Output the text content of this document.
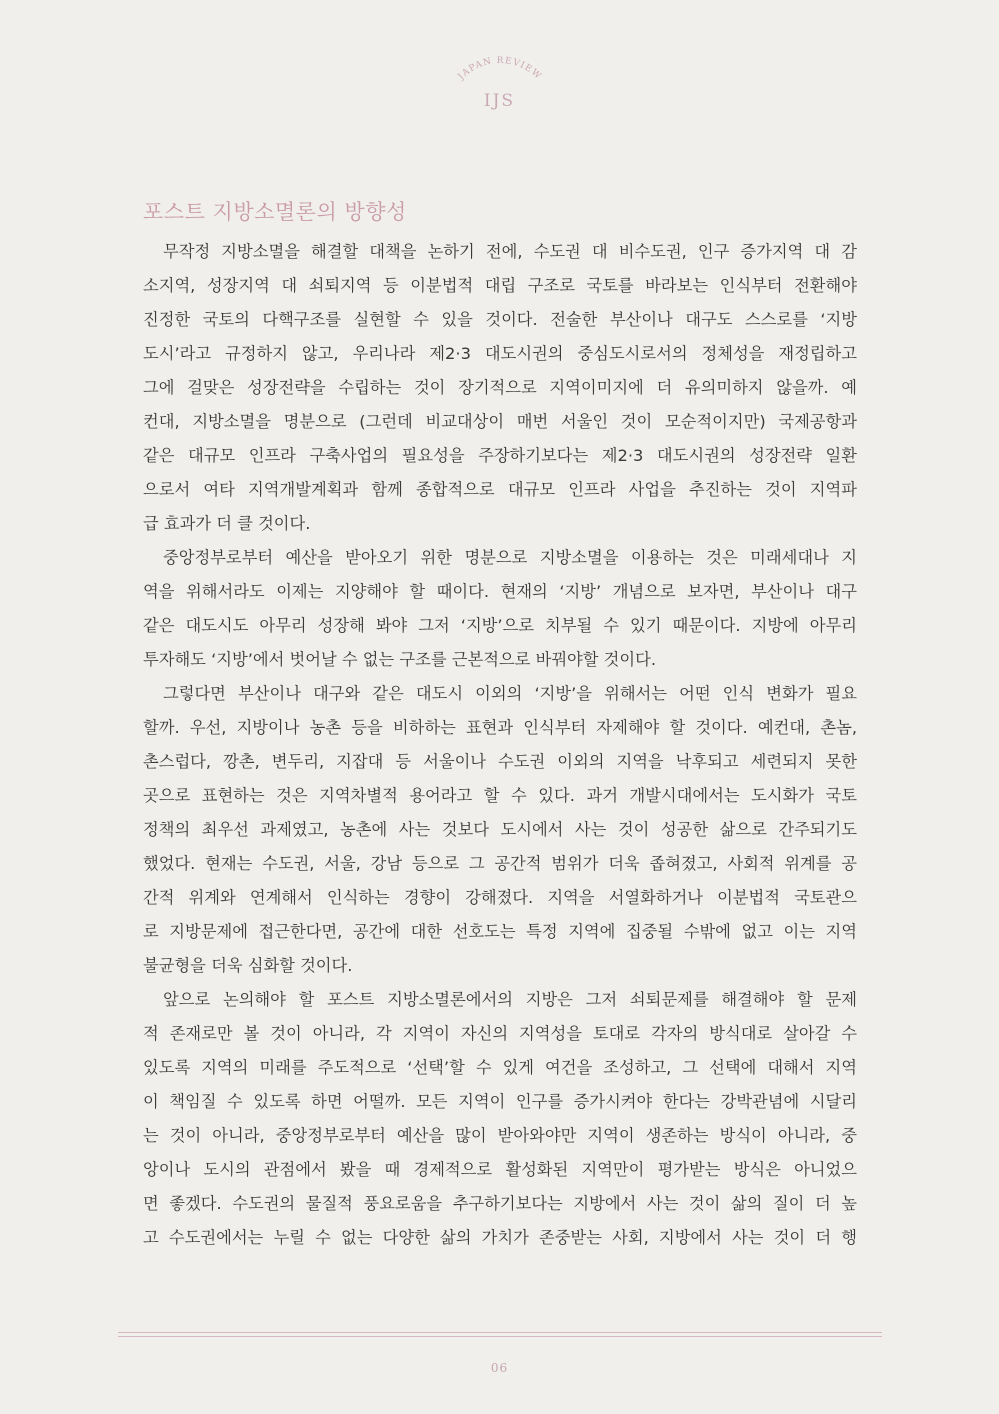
JAPAN REVIEW
IJS
포스트 지방소멸론의 방향성
무작정 지방소멸을 해결할 대책을 논하기 전에, 수도권 대 비수도권, 인구 증가지역 대 감
소지역, 성장지역 대 쇠퇴지역 등 이분법적 대립 구조로 국토를 바라보는 인식부터 전환해야
진정한 국토의 다핵구조를 실현할 수 있을 것이다. 전술한 부산이나 대구도 스스로를 ‘지방
도시’라고 규정하지 않고, 우리나라 제2·3 대도시권의 중심도시로서의 정체성을 재정립하고
그에 걸맞은 성장전략을 수립하는 것이 장기적으로 지역이미지에 더 유의미하지 않을까. 예
컨대, 지방소멸을 명분으로 (그런데 비교대상이 매번 서울인 것이 모순적이지만) 국제공항과
같은 대규모 인프라 구축사업의 필요성을 주장하기보다는 제2·3 대도시권의 성장전략 일환
으로서 여타 지역개발계획과 함께 종합적으로 대규모 인프라 사업을 추진하는 것이 지역파
급 효과가 더 클 것이다.
중앙정부로부터 예산을 받아오기 위한 명분으로 지방소멸을 이용하는 것은 미래세대나 지
역을 위해서라도 이제는 지양해야 할 때이다. 현재의 ‘지방’ 개념으로 보자면, 부산이나 대구
같은 대도시도 아무리 성장해 봐야 그저 ‘지방’으로 치부될 수 있기 때문이다. 지방에 아무리
투자해도 ‘지방’에서 벗어날 수 없는 구조를 근본적으로 바꿔야할 것이다.
그렇다면 부산이나 대구와 같은 대도시 이외의 ‘지방’을 위해서는 어떤 인식 변화가 필요
할까. 우선, 지방이나 농촌 등을 비하하는 표현과 인식부터 자제해야 할 것이다. 예컨대, 촌놈,
촌스럽다, 깡촌, 변두리, 지잡대 등 서울이나 수도권 이외의 지역을 낙후되고 세련되지 못한
곳으로 표현하는 것은 지역차별적 용어라고 할 수 있다. 과거 개발시대에서는 도시화가 국토
정책의 최우선 과제였고, 농촌에 사는 것보다 도시에서 사는 것이 성공한 삶으로 간주되기도
했었다. 현재는 수도권, 서울, 강남 등으로 그 공간적 범위가 더욱 좁혀졌고, 사회적 위계를 공
간적 위계와 연계해서 인식하는 경향이 강해졌다. 지역을 서열화하거나 이분법적 국토관으
로 지방문제에 접근한다면, 공간에 대한 선호도는 특정 지역에 집중될 수밖에 없고 이는 지역
불균형을 더욱 심화할 것이다.
앞으로 논의해야 할 포스트 지방소멸론에서의 지방은 그저 쇠퇴문제를 해결해야 할 문제
적 존재로만 볼 것이 아니라, 각 지역이 자신의 지역성을 토대로 각자의 방식대로 살아갈 수
있도록 지역의 미래를 주도적으로 ‘선택’할 수 있게 여건을 조성하고, 그 선택에 대해서 지역
이 책임질 수 있도록 하면 어떨까. 모든 지역이 인구를 증가시켜야 한다는 강박관념에 시달리
는 것이 아니라, 중앙정부로부터 예산을 많이 받아와야만 지역이 생존하는 방식이 아니라, 중
앙이나 도시의 관점에서 봤을 때 경제적으로 활성화된 지역만이 평가받는 방식은 아니었으
면 좋겠다. 수도권의 물질적 풍요로움을 추구하기보다는 지방에서 사는 것이 삶의 질이 더 높
고 수도권에서는 누릴 수 없는 다양한 삶의 가치가 존중받는 사회, 지방에서 사는 것이 더 행
06
